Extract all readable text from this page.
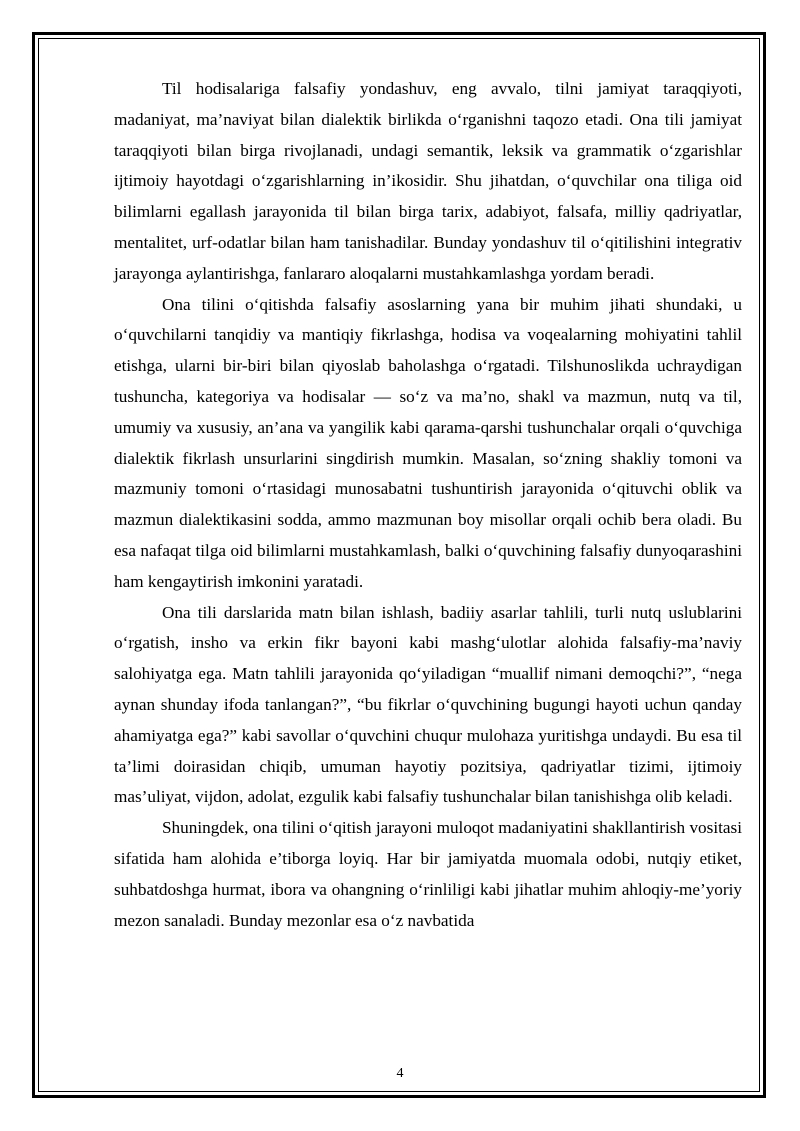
Til hodisalariga falsafiy yondashuv, eng avvalo, tilni jamiyat taraqqiyoti, madaniyat, ma’naviyat bilan dialektik birlikda o‘rganishni taqozo etadi. Ona tili jamiyat taraqqiyoti bilan birga rivojlanadi, undagi semantik, leksik va grammatik o‘zgarishlar ijtimoiy hayotdagi o‘zgarishlarning in’ikosidir. Shu jihatdan, o‘quvchilar ona tiliga oid bilimlarni egallash jarayonida til bilan birga tarix, adabiyot, falsafa, milliy qadriyatlar, mentalitet, urf-odatlar bilan ham tanishadilar. Bunday yondashuv til o‘qitilishini integrativ jarayonga aylantirishga, fanlararo aloqalarni mustahkamlashga yordam beradi.

Ona tilini o‘qitishda falsafiy asoslarning yana bir muhim jihati shundaki, u o‘quvchilarni tanqidiy va mantiqiy fikrlashga, hodisa va voqealarning mohiyatini tahlil etishga, ularni bir-biri bilan qiyoslab baholashga o‘rgatadi. Tilshunoslikda uchraydigan tushuncha, kategoriya va hodisalar — so‘z va ma’no, shakl va mazmun, nutq va til, umumiy va xususiy, an’ana va yangilik kabi qarama-qarshi tushunchalar orqali o‘quvchiga dialektik fikrlash unsurlarini singdirish mumkin. Masalan, so‘zning shakliy tomoni va mazmuniy tomoni o‘rtasidagi munosabatni tushuntirish jarayonida o‘qituvchi oblik va mazmun dialektikasini sodda, ammo mazmunan boy misollar orqali ochib bera oladi. Bu esa nafaqat tilga oid bilimlarni mustahkamlash, balki o‘quvchining falsafiy dunyoqarashini ham kengaytirish imkonini yaratadi.

Ona tili darslarida matn bilan ishlash, badiiy asarlar tahlili, turli nutq uslublarini o‘rgatish, insho va erkin fikr bayoni kabi mashg‘ulotlar alohida falsafiy-ma’naviy salohiyatga ega. Matn tahlili jarayonida qo‘yiladigan “muallif nimani demoqchi?”, “nega aynan shunday ifoda tanlangan?”, “bu fikrlar o‘quvchining bugungi hayoti uchun qanday ahamiyatga ega?” kabi savollar o‘quvchini chuqur mulohaza yuritishga undaydi. Bu esa til ta’limi doirasidan chiqib, umuman hayotiy pozitsiya, qadriyatlar tizimi, ijtimoiy mas’uliyat, vijdon, adolat, ezgulik kabi falsafiy tushunchalar bilan tanishishga olib keladi.

Shuningdek, ona tilini o‘qitish jarayoni muloqot madaniyatini shakllantirish vositasi sifatida ham alohida e’tiborga loyiq. Har bir jamiyatda muomala odobi, nutqiy etiket, suhbatdoshga hurmat, ibora va ohangning o‘rinliligi kabi jihatlar muhim ahloqiy-me’yoriy mezon sanaladi. Bunday mezonlar esa o‘z navbatida

4
